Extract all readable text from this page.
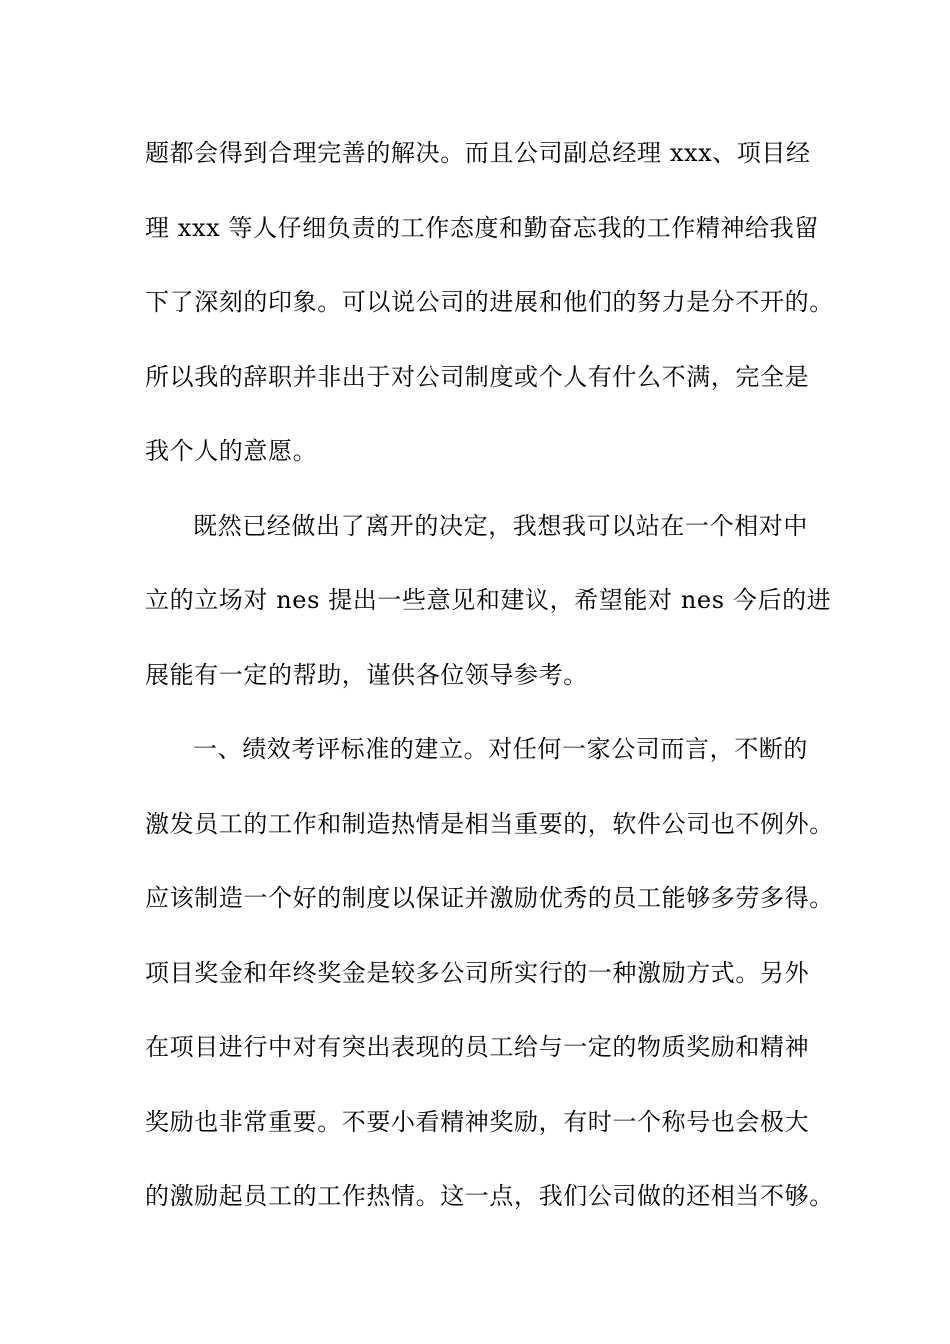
题都会得到合理完善的解决。而且公司副总经理 xxx、项目经
理 xxx 等人仔细负责的工作态度和勤奋忘我的工作精神给我留
下了深刻的印象。可以说公司的进展和他们的努力是分不开的。
所以我的辞职并非出于对公司制度或个人有什么不满，完全是
我个人的意愿。
既然已经做出了离开的决定，我想我可以站在一个相对中
立的立场对 nes 提出一些意见和建议，希望能对 nes 今后的进
展能有一定的帮助，谨供各位领导参考。
一、绩效考评标准的建立。对任何一家公司而言，不断的
激发员工的工作和制造热情是相当重要的，软件公司也不例外。
应该制造一个好的制度以保证并激励优秀的员工能够多劳多得。
项目奖金和年终奖金是较多公司所实行的一种激励方式。另外
在项目进行中对有突出表现的员工给与一定的物质奖励和精神
奖励也非常重要。不要小看精神奖励，有时一个称号也会极大
的激励起员工的工作热情。这一点，我们公司做的还相当不够。
